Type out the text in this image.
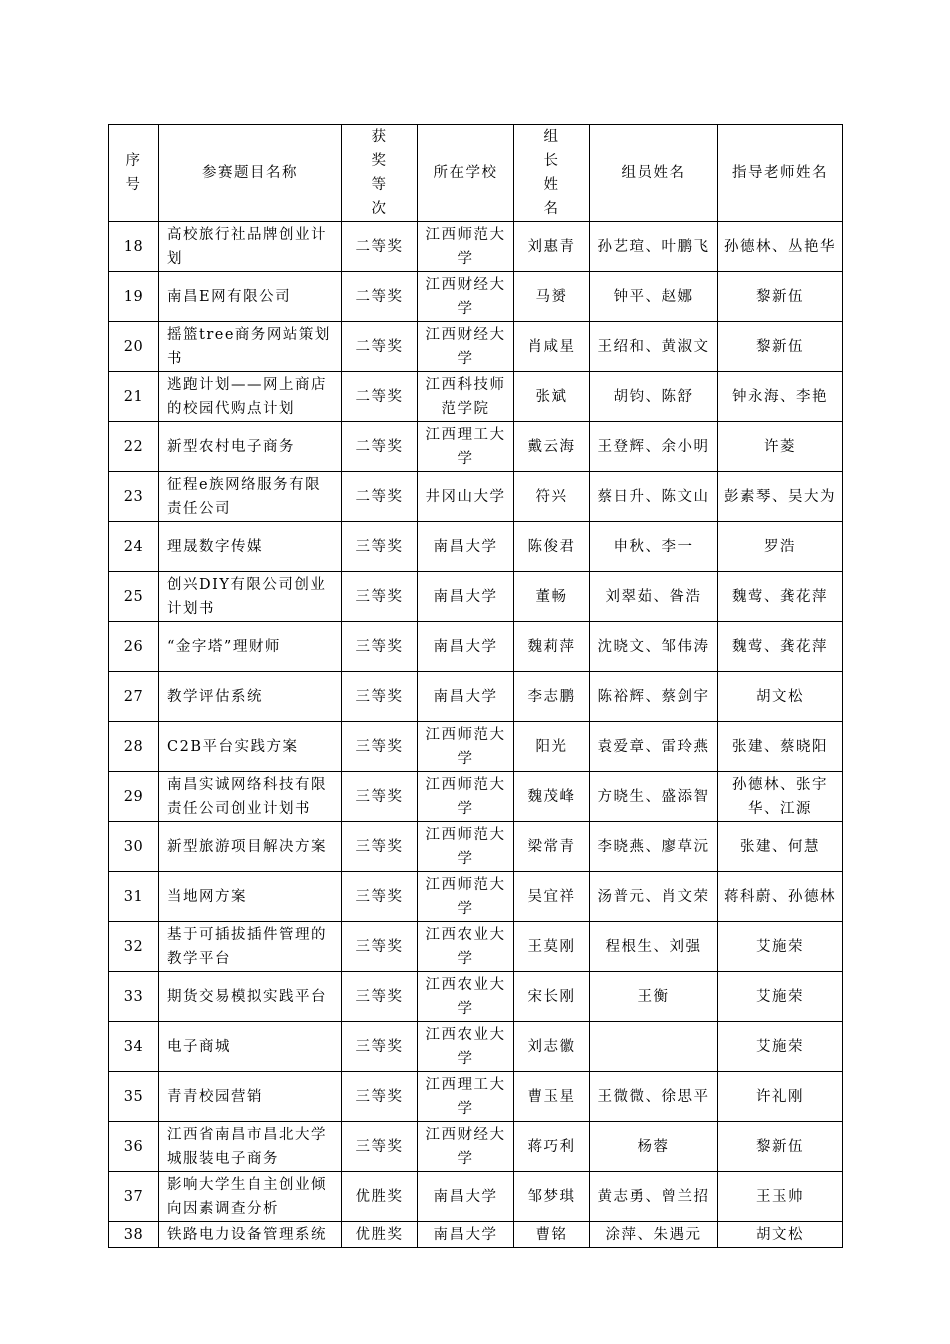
序号	参赛题目名称	获奖等次	所在学校	组长姓名	组员姓名	指导老师姓名
18	高校旅行社品牌创业计划	二等奖	江西师范大学	刘惠青	孙艺瑄、叶鹏飞	孙德林、丛艳华
19	南昌E网有限公司	二等奖	江西财经大学	马赟	钟平、赵娜	黎新伍
20	摇篮tree商务网站策划书	二等奖	江西财经大学	肖咸星	王绍和、黄淑文	黎新伍
21	逃跑计划——网上商店的校园代购点计划	二等奖	江西科技师范学院	张斌	胡钧、陈舒	钟永海、李艳
22	新型农村电子商务	二等奖	江西理工大学	戴云海	王登辉、余小明	许菱
23	征程e族网络服务有限责任公司	二等奖	井冈山大学	符兴	蔡日升、陈文山	彭素琴、吴大为
24	理晟数字传媒	三等奖	南昌大学	陈俊君	申秋、李一	罗浩
25	创兴DIY有限公司创业计划书	三等奖	南昌大学	董畅	刘翠茹、昝浩	魏莺、龚花萍
26	“金字塔”理财师	三等奖	南昌大学	魏莉萍	沈晓文、邹伟涛	魏莺、龚花萍
27	教学评估系统	三等奖	南昌大学	李志鹏	陈裕辉、蔡剑宇	胡文松
28	C2B平台实践方案	三等奖	江西师范大学	阳光	袁爱章、雷玲燕	张建、蔡晓阳
29	南昌实诚网络科技有限责任公司创业计划书	三等奖	江西师范大学	魏茂峰	方晓生、盛添智	孙德林、张宇华、江源
30	新型旅游项目解决方案	三等奖	江西师范大学	梁常青	李晓燕、廖草沅	张建、何慧
31	当地网方案	三等奖	江西师范大学	吴宜祥	汤普元、肖文荣	蒋科蔚、孙德林
32	基于可插拔插件管理的教学平台	三等奖	江西农业大学	王莫刚	程根生、刘强	艾施荣
33	期货交易模拟实践平台	三等奖	江西农业大学	宋长刚	王衡	艾施荣
34	电子商城	三等奖	江西农业大学	刘志徽		艾施荣
35	青青校园营销	三等奖	江西理工大学	曹玉星	王微微、徐思平	许礼刚
36	江西省南昌市昌北大学城服装电子商务	三等奖	江西财经大学	蒋巧利	杨蓉	黎新伍
37	影响大学生自主创业倾向因素调查分析	优胜奖	南昌大学	邹梦琪	黄志勇、曾兰招	王玉帅
38	铁路电力设备管理系统	优胜奖	南昌大学	曹铭	涂萍、朱遇元	胡文松
